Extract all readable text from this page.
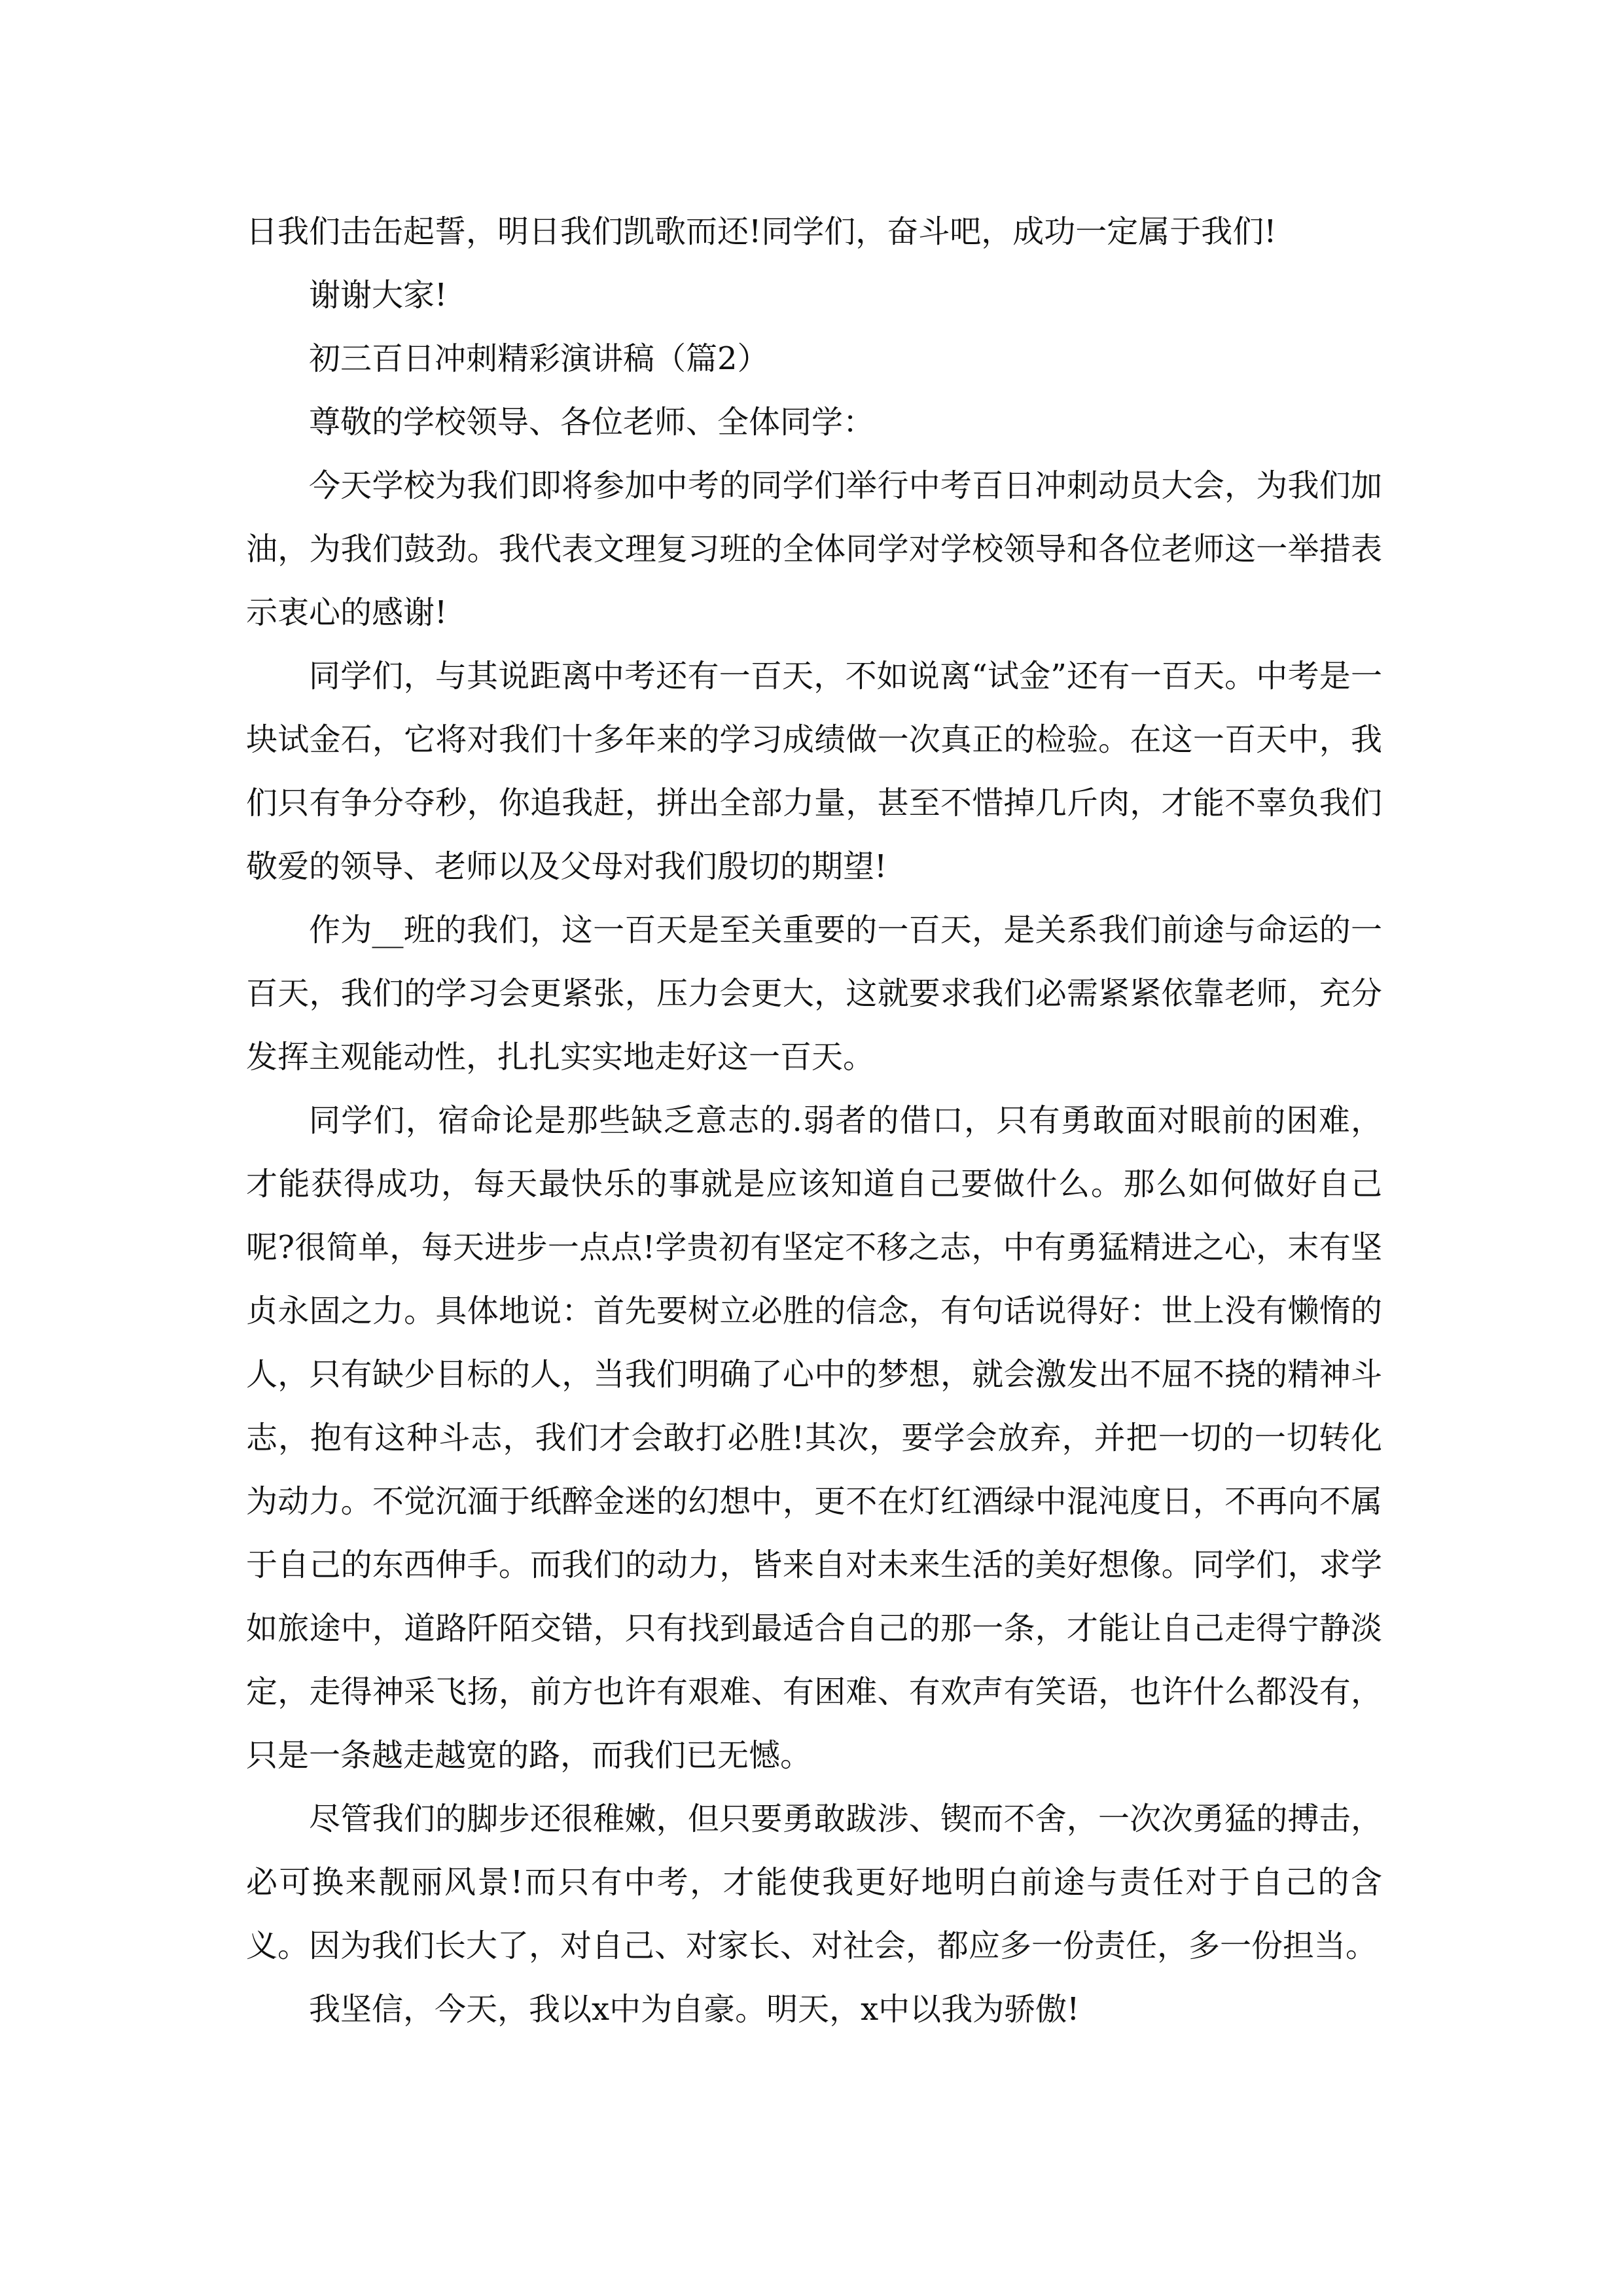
日我们击缶起誓，明日我们凯歌而还!同学们，奋斗吧，成功一定属于我们!

谢谢大家!

初三百日冲刺精彩演讲稿（篇2）

尊敬的学校领导、各位老师、全体同学：

今天学校为我们即将参加中考的同学们举行中考百日冲刺动员大会，为我们加油，为我们鼓劲。我代表文理复习班的全体同学对学校领导和各位老师这一举措表示衷心的感谢!

同学们，与其说距离中考还有一百天，不如说离“试金”还有一百天。中考是一块试金石，它将对我们十多年来的学习成绩做一次真正的检验。在这一百天中，我们只有争分夺秒，你追我赶，拼出全部力量，甚至不惜掉几斤肉，才能不辜负我们敬爱的领导、老师以及父母对我们殷切的期望!

作为__班的我们，这一百天是至关重要的一百天，是关系我们前途与命运的一百天，我们的学习会更紧张，压力会更大，这就要求我们必需紧紧依靠老师，充分发挥主观能动性，扎扎实实地走好这一百天。

同学们，宿命论是那些缺乏意志的.弱者的借口，只有勇敢面对眼前的困难，才能获得成功，每天最快乐的事就是应该知道自己要做什么。那么如何做好自己呢?很简单，每天进步一点点!学贵初有坚定不移之志，中有勇猛精进之心，末有坚贞永固之力。具体地说：首先要树立必胜的信念，有句话说得好：世上没有懒惰的人，只有缺少目标的人，当我们明确了心中的梦想，就会激发出不屈不挠的精神斗志，抱有这种斗志，我们才会敢打必胜!其次，要学会放弃，并把一切的一切转化为动力。不觉沉湎于纸醉金迷的幻想中，更不在灯红酒绿中混沌度日，不再向不属于自己的东西伸手。而我们的动力，皆来自对未来生活的美好想像。同学们，求学如旅途中，道路阡陌交错，只有找到最适合自己的那一条，才能让自己走得宁静淡定，走得神采飞扬，前方也许有艰难、有困难、有欢声有笑语，也许什么都没有，只是一条越走越宽的路，而我们已无憾。

尽管我们的脚步还很稚嫩，但只要勇敢跋涉、锲而不舍，一次次勇猛的搏击，必可换来靓丽风景!而只有中考，才能使我更好地明白前途与责任对于自己的含义。因为我们长大了，对自己、对家长、对社会，都应多一份责任，多一份担当。

我坚信，今天，我以x中为自豪。明天，x中以我为骄傲!
